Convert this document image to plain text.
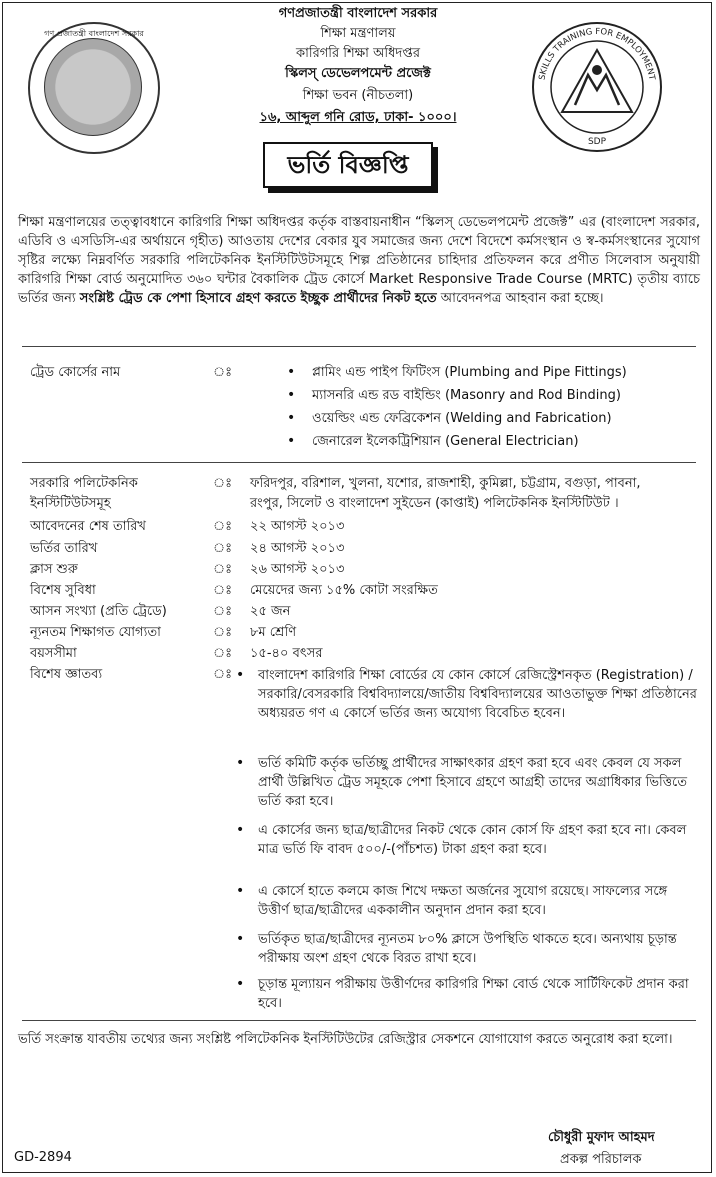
গণ প্রজাতন্ত্রী বাংলাদেশ সরকার
SKILLS TRAINING FOR EMPLOYMENT
SDP
গণপ্রজাতন্ত্রী বাংলাদেশ সরকার
শিক্ষা মন্ত্রণালয়
কারিগরি শিক্ষা অধিদপ্তর
স্কিলস্ ডেভেলপমেন্ট প্রজেক্ট
শিক্ষা ভবন (নীচতলা)
১৬, আব্দুল গনি রোড, ঢাকা- ১০০০।
ভর্তি বিজ্ঞপ্তি
শিক্ষা মন্ত্রণালয়ের তত্ত্বাবধানে কারিগরি শিক্ষা অধিদপ্তর কর্তৃক বাস্তবায়নাধীন “স্কিলস্ ডেভেলপমেন্ট প্রজেক্ট” এর (বাংলাদেশ সরকার, এডিবি ও এসডিসি-এর অর্থায়নে গৃহীত) আওতায় দেশের বেকার যুব সমাজের জন্য দেশে বিদেশে কর্মসংস্থান ও স্ব-কর্মসংস্থানের সুযোগ সৃষ্টির লক্ষ্যে নিম্নবর্ণিত সরকারি পলিটেকনিক ইনস্টিটিউটসমূহে শিল্প প্রতিষ্ঠানের চাহিদার প্রতিফলন করে প্রণীত সিলেবাস অনুযায়ী কারিগরি শিক্ষা বোর্ড অনুমোদিত ৩৬০ ঘন্টার বৈকালিক ট্রেড কোর্সে Market Responsive Trade Course (MRTC) তৃতীয় ব্যাচে ভর্তির জন্য সংশ্লিষ্ট ট্রেড কে পেশা হিসাবে গ্রহণ করতে ইচ্ছুক প্রার্থীদের নিকট হতে আবেদনপত্র আহবান করা হচ্ছে।
ট্রেড কোর্সের নাম	ঃ	• প্লামিং এন্ড পাইপ ফিটিংস (Plumbing and Pipe Fittings)
• ম্যাসনরি এন্ড রড বাইন্ডিং (Masonry and Rod Binding)
• ওয়েল্ডিং এন্ড ফেব্রিকেশন (Welding and Fabrication)
• জেনারেল ইলেকট্রিশিয়ান (General Electrician)
সরকারি পলিটেকনিক
ইনস্টিটিউটসমূহ
ঃ ফরিদপুর, বরিশাল, খুলনা, যশোর, রাজশাহী, কুমিল্লা, চট্টগ্রাম, বগুড়া, পাবনা,
রংপুর, সিলেট ও বাংলাদেশ সুইডেন (কাপ্তাই) পলিটেকনিক ইনস্টিটিউট ।
আবেদনের শেষ তারিখ	ঃ ২২ আগস্ট ২০১৩
ভর্তির তারিখ	ঃ ২৪ আগস্ট ২০১৩
ক্লাস শুরু	ঃ ২৬ আগস্ট ২০১৩
বিশেষ সুবিধা	ঃ মেয়েদের জন্য ১৫% কোটা সংরক্ষিত
আসন সংখ্যা (প্রতি ট্রেডে)	ঃ ২৫ জন
ন্যূনতম শিক্ষাগত যোগ্যতা	ঃ ৮ম শ্রেণি
বয়সসীমা	ঃ ১৫-৪০ বৎসর
বিশেষ জ্ঞাতব্য	ঃ • বাংলাদেশ কারিগরি শিক্ষা বোর্ডের যে কোন কোর্সে রেজিস্ট্রেশনকৃত (Registration) /সরকারি/বেসরকারি বিশ্ববিদ্যালয়ে/জাতীয় বিশ্ববিদ্যালয়ের আওতাভুক্ত শিক্ষা প্রতিষ্ঠানের অধ্যয়রত গণ এ কোর্সে ভর্তির জন্য অযোগ্য বিবেচিত হবেন।
• ভর্তি কমিটি কর্তৃক ভর্তিচ্ছু প্রার্থীদের সাক্ষাৎকার গ্রহণ করা হবে এবং কেবল যে সকল প্রার্থী উল্লিখিত ট্রেড সমূহকে পেশা হিসাবে গ্রহণে আগ্রহী তাদের অগ্রাধিকার ভিত্তিতে ভর্তি করা হবে।
• এ কোর্সের জন্য ছাত্র/ছাত্রীদের নিকট থেকে কোন কোর্স ফি গ্রহণ করা হবে না। কেবল মাত্র ভর্তি ফি বাবদ ৫০০/-(পাঁচশত) টাকা গ্রহণ করা হবে।
• এ কোর্সে হাতে কলমে কাজ শিখে দক্ষতা অর্জনের সুযোগ রয়েছে। সাফল্যের সঙ্গে উত্তীর্ণ ছাত্র/ছাত্রীদের এককালীন অনুদান প্রদান করা হবে।
• ভর্তিকৃত ছাত্র/ছাত্রীদের ন্যূনতম ৮০% ক্লাসে উপস্থিতি থাকতে হবে। অন্যথায় চূড়ান্ত পরীক্ষায় অংশ গ্রহণ থেকে বিরত রাখা হবে।
• চূড়ান্ত মূল্যায়ন পরীক্ষায় উত্তীর্ণদের কারিগরি শিক্ষা বোর্ড থেকে সার্টিফিকেট প্রদান করা হবে।
ভর্তি সংক্রান্ত যাবতীয় তথ্যের জন্য সংশ্লিষ্ট পলিটেকনিক ইনস্টিটিউটের রেজিস্ট্রার সেকশনে যোগাযোগ করতে অনুরোধ করা হলো।
চৌধুরী মুফাদ আহমদ
প্রকল্প পরিচালক
GD-2894
